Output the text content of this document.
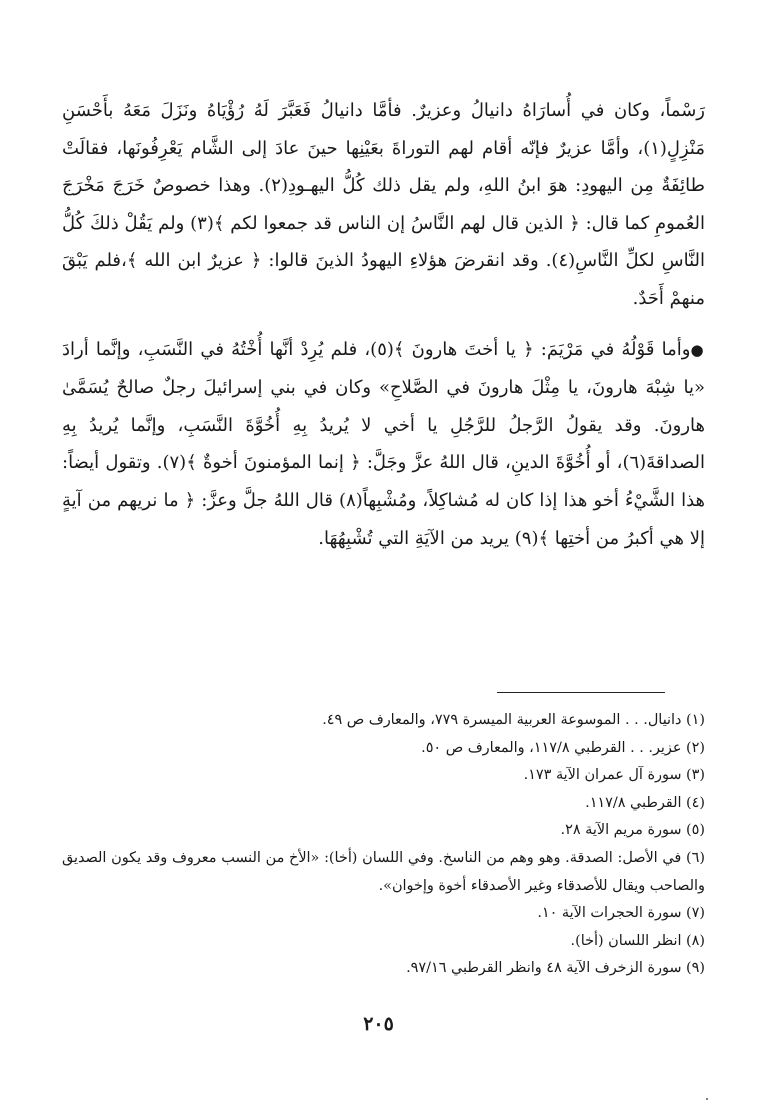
رَسْماً، وكان في أُسارَاهُ دانيالُ وعزيرٌ. فأمَّا دانيالُ فَعَبَّرَ لَهُ رُؤْيَاهُ ونَزَلَ مَعَهُ بأَحْسَنِ مَنْزِلٍ(١)، وأمَّا عزيرٌ فإنّه أقام لهم التوراةَ بعَيْنِها حينَ عادَ إلى الشَّام يَعْرِفُونَها، فقالَتْ طائِفَةٌ مِن اليهودِ: هوَ ابنُ اللهِ، ولم يقل ذلك كُلُّ اليهـودِ(٢). وهذا خصوصٌ خَرَجَ مَخْرَجَ العُمومِ كما قال: ﴿ الذين قال لهم النَّاسُ إن الناس قد جمعوا لكم ﴾(٣) ولم يَقُلْ ذلكَ كُلُّ النَّاسِ لكلِّ النَّاسِ(٤). وقد انقرضَ هؤلاءِ اليهودُ الذينَ قالوا: ﴿ عزيرٌ ابن الله ﴾،فلم يَبْقَ منهمْ أَحَدٌ.

●وأما قَوْلُهُ في مَرْيَمَ: ﴿ يا أختَ هارونَ ﴾(٥)، فلم يُرِدْ أنَّها أُخْتُهُ في النَّسَبِ، وإنَّما أرادَ «يا شِبْهَ هارونَ، يا مِثْلَ هارونَ في الصَّلاحِ» وكان في بني إسرائيلَ رجلٌ صالحٌ يُسَمَّىٰ هارونَ. وقد يقولُ الرَّجلُ للرَّجُلِ يا أخي لا يُريدُ بِهِ أُخُوَّةَ النَّسَبِ، وإنَّما يُريدُ بِهِ الصداقةَ(٦)، أو أُخُوَّةَ الدينِ، قال اللهُ عزَّ وجَلَّ: ﴿ إنما المؤمنونَ أخوةٌ ﴾(٧). وتقول أيضاً: هذا الشَّيْءُ أخو هذا إذا كان له مُشاكِلاً، ومُشْبِهاً(٨) قال اللهُ جلَّ وعزَّ: ﴿ ما نريهم من آيةٍ إلا هي أكبرُ من أختِها ﴾(٩) يريد من الآيَةِ التي تُشْبِهُهَا.

(١) دانيال. . . الموسوعة العربية الميسرة ٧٧٩، والمعارف ص ٤٩.

(٢) عزير. . . القرطبي ١١٧/٨، والمعارف ص ٥٠.

(٣) سورة آل عمران الآية ١٧٣.

(٤) القرطبي ١١٧/٨.

(٥) سورة مريم الآية ٢٨.

(٦) في الأصل: الصدقة. وهو وهم من الناسخ. وفي اللسان (أخا): «الأخ من النسب معروف وقد يكون الصديق والصاحب ويقال للأصدقاء وغير الأصدقاء أخوة وإخوان».

(٧) سورة الحجرات الآية ١٠.

(٨) انظر اللسان (أخا).

(٩) سورة الزخرف الآية ٤٨ وانظر القرطبي ٩٧/١٦.

٢٠٥
